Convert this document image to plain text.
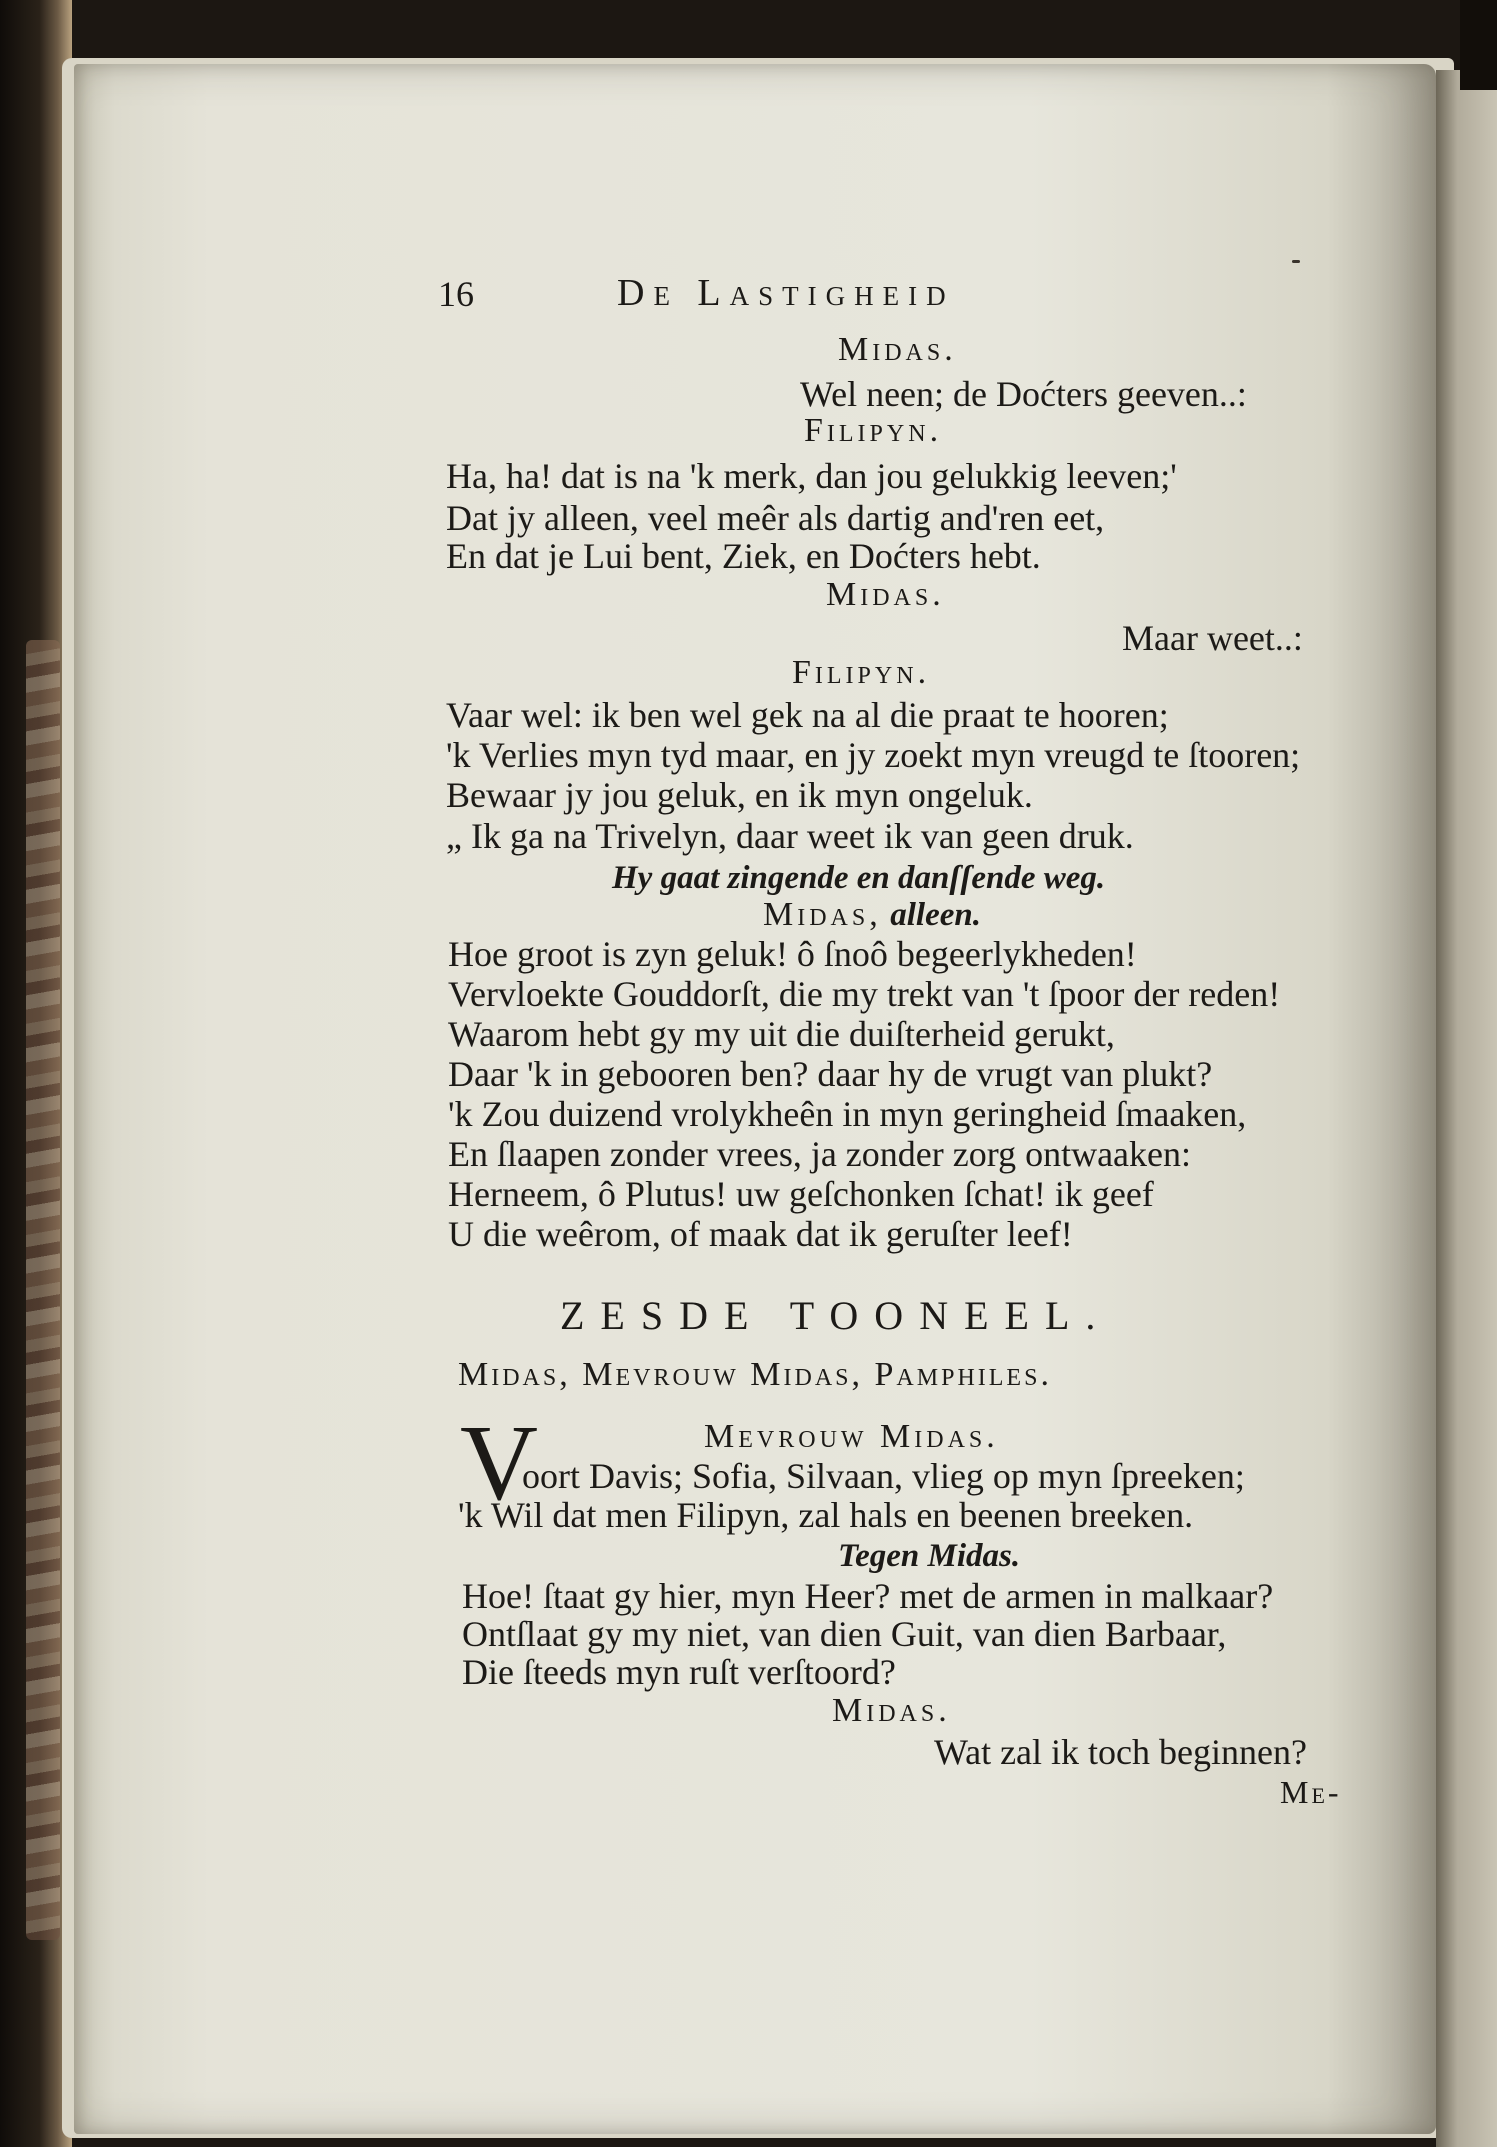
16	De Lastigheid
Midas.
Wel neen; de Doćters geeven..:
Filipyn.
Ha, ha! dat is na 'k merk, dan jou gelukkig leeven;'
Dat jy alleen, veel meêr als dartig and'ren eet,
En dat je Lui bent, Ziek, en Doćters hebt.
Midas.
Maar weet..:
Filipyn.
Vaar wel: ik ben wel gek na al die praat te hooren;
'k Verlies myn tyd maar, en jy zoekt myn vreugd te ſtooren;
Bewaar jy jou geluk, en ik myn ongeluk.
„ Ik ga na Trivelyn, daar weet ik van geen druk.
Hy gaat zingende en danſſende weg.
Midas, alleen.
Hoe groot is zyn geluk! ô ſnoô begeerlykheden!
Vervloekte Gouddorſt, die my trekt van 't ſpoor der reden!
Waarom hebt gy my uit die duiſterheid gerukt,
Daar 'k in gebooren ben? daar hy de vrugt van plukt?
'k Zou duizend vrolykheên in myn geringheid ſmaaken,
En ſlaapen zonder vrees, ja zonder zorg ontwaaken:
Herneem, ô Plutus! uw geſchonken ſchat! ik geef
U die weêrom, of maak dat ik geruſter leef!
ZESDE TOONEEL.
Midas, Mevrouw Midas, Pamphiles.
V	Mevrouw Midas.
oort Davis; Sofia, Silvaan, vlieg op myn ſpreeken;
'k Wil dat men Filipyn, zal hals en beenen breeken.
Tegen Midas.
Hoe! ſtaat gy hier, myn Heer? met de armen in malkaar?
Ontſlaat gy my niet, van dien Guit, van dien Barbaar,
Die ſteeds myn ruſt verſtoord?
Midas.
Wat zal ik toch beginnen?
Me-
